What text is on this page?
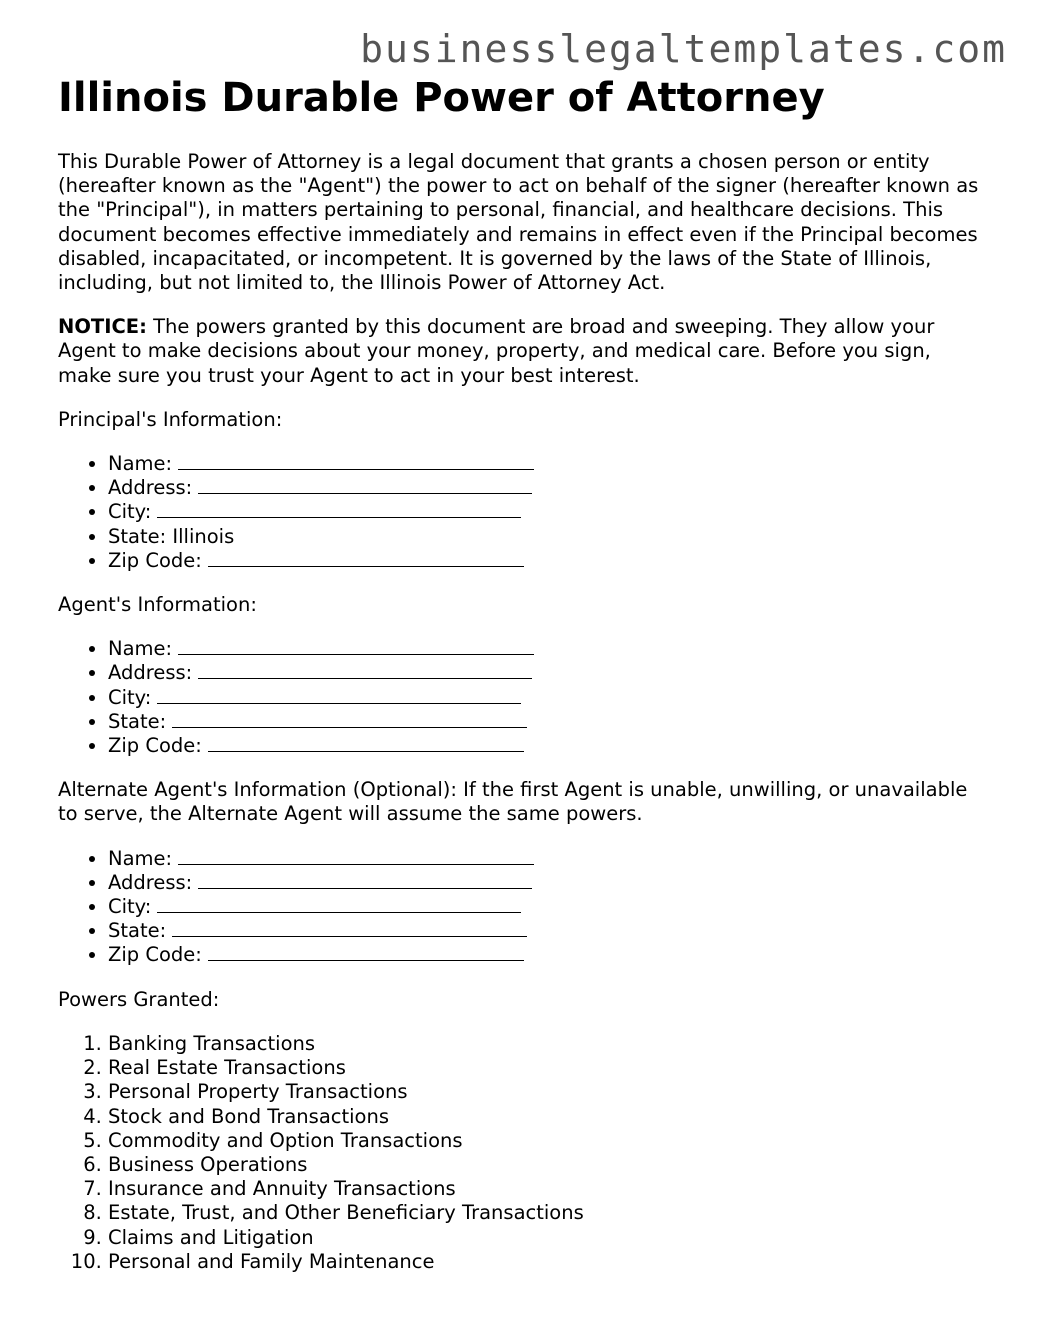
businesslegaltemplates.com
Illinois Durable Power of Attorney

This Durable Power of Attorney is a legal document that grants a chosen person or entity (hereafter known as the "Agent") the power to act on behalf of the signer (hereafter known as the "Principal"), in matters pertaining to personal, financial, and healthcare decisions. This document becomes effective immediately and remains in effect even if the Principal becomes disabled, incapacitated, or incompetent. It is governed by the laws of the State of Illinois, including, but not limited to, the Illinois Power of Attorney Act.

NOTICE: The powers granted by this document are broad and sweeping. They allow your Agent to make decisions about your money, property, and medical care. Before you sign, make sure you trust your Agent to act in your best interest.

Principal's Information:

• Name:
• Address:
• City:
• State: Illinois
• Zip Code:

Agent's Information:

• Name:
• Address:
• City:
• State:
• Zip Code:

Alternate Agent's Information (Optional): If the first Agent is unable, unwilling, or unavailable to serve, the Alternate Agent will assume the same powers.

• Name:
• Address:
• City:
• State:
• Zip Code:

Powers Granted:

1. Banking Transactions
2. Real Estate Transactions
3. Personal Property Transactions
4. Stock and Bond Transactions
5. Commodity and Option Transactions
6. Business Operations
7. Insurance and Annuity Transactions
8. Estate, Trust, and Other Beneficiary Transactions
9. Claims and Litigation
10. Personal and Family Maintenance
